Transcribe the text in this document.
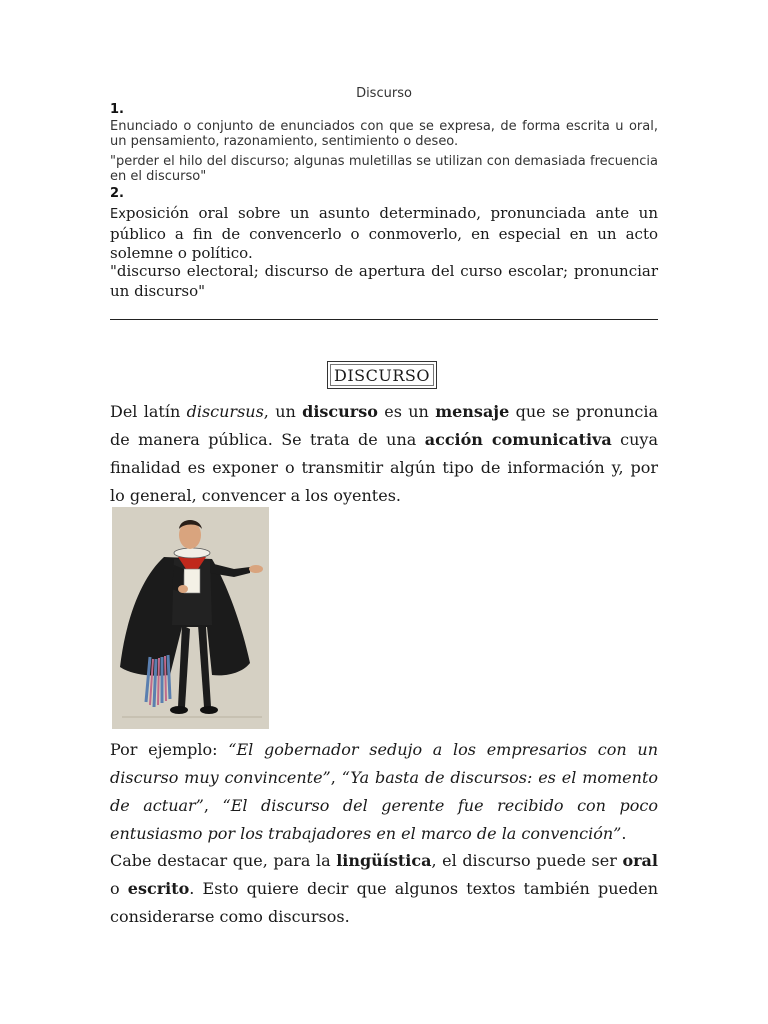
Discurso
1.
Enunciado o conjunto de enunciados con que se expresa, de forma escrita u oral, un pensamiento, razonamiento, sentimiento o deseo.
"perder el hilo del discurso; algunas muletillas se utilizan con demasiada frecuencia en el discurso"
2.
Exposición oral sobre un asunto determinado, pronunciada ante un público a fin de convencerlo o conmoverlo, en especial en un acto solemne o político.
"discurso electoral; discurso de apertura del curso escolar; pronunciar un discurso"
DISCURSO
Del latín discursus, un discurso es un mensaje que se pronuncia de manera pública. Se trata de una acción comunicativa cuya finalidad es exponer o transmitir algún tipo de información y, por lo general, convencer a los oyentes.
Por ejemplo: “El gobernador sedujo a los empresarios con un discurso muy convincente”, “Ya basta de discursos: es el momento de actuar”, “El discurso del gerente fue recibido con poco entusiasmo por los trabajadores en el marco de la convención”.
Cabe destacar que, para la lingüística, el discurso puede ser oral o escrito. Esto quiere decir que algunos textos también pueden considerarse como discursos.
